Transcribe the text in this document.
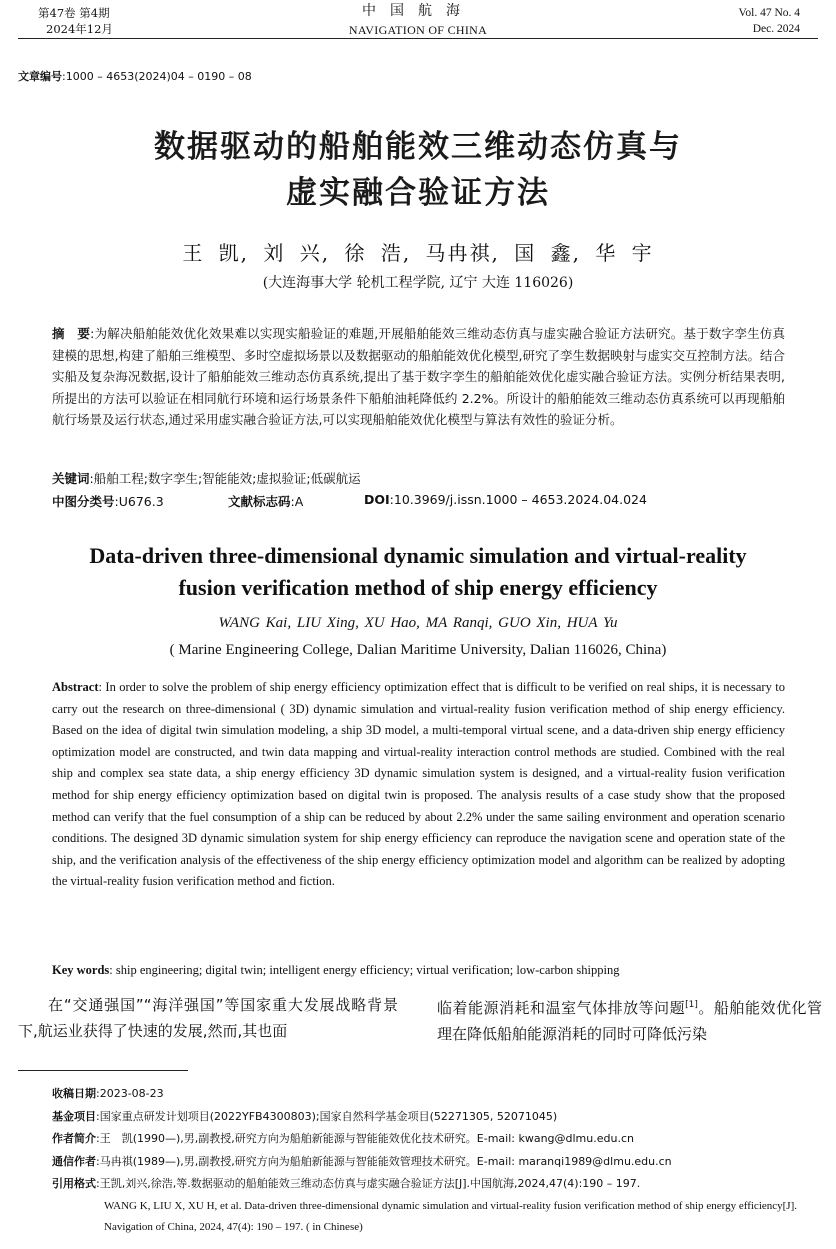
第47卷 第4期
2024年12月
中国航海
NAVIGATION OF CHINA
Vol. 47 No. 4
Dec. 2024
文章编号:1000 – 4653(2024)04 – 0190 – 08
数据驱动的船舶能效三维动态仿真与
虚实融合验证方法
王 凯, 刘 兴, 徐 浩, 马冉祺, 国 鑫, 华 宇
(大连海事大学 轮机工程学院, 辽宁 大连 116026)
摘　要:为解决船舶能效优化效果难以实现实船验证的难题,开展船舶能效三维动态仿真与虚实融合验证方法研究。基于数字孪生仿真建模的思想,构建了船舶三维模型、多时空虚拟场景以及数据驱动的船舶能效优化模型,研究了孪生数据映射与虚实交互控制方法。结合实船及复杂海况数据,设计了船舶能效三维动态仿真系统,提出了基于数字孪生的船舶能效优化虚实融合验证方法。实例分析结果表明,所提出的方法可以验证在相同航行环境和运行场景条件下船舶油耗降低约 2.2%。所设计的船舶能效三维动态仿真系统可以再现船舶航行场景及运行状态,通过采用虚实融合验证方法,可以实现船舶能效优化模型与算法有效性的验证分析。
关键词:船舶工程;数字孪生;智能能效;虚拟验证;低碳航运
中图分类号:U676.3	文献标志码:A	DOI:10.3969/j.issn.1000 – 4653.2024.04.024
Data-driven three-dimensional dynamic simulation and virtual-reality
fusion verification method of ship energy efficiency
WANG Kai, LIU Xing, XU Hao, MA Ranqi, GUO Xin, HUA Yu
( Marine Engineering College, Dalian Maritime University, Dalian 116026, China)
Abstract: In order to solve the problem of ship energy efficiency optimization effect that is difficult to be verified on real ships, it is necessary to carry out the research on three-dimensional ( 3D) dynamic simulation and virtual-reality fusion verification method of ship energy efficiency. Based on the idea of digital twin simulation modeling, a ship 3D model, a multi-temporal virtual scene, and a data-driven ship energy efficiency optimization model are constructed, and twin data mapping and virtual-reality interaction control methods are studied. Combined with the real ship and complex sea state data, a ship energy efficiency 3D dynamic simulation system is designed, and a virtual-reality fusion verification method for ship energy efficiency optimization based on digital twin is proposed. The analysis results of a case study show that the proposed method can verify that the fuel consumption of a ship can be reduced by about 2.2% under the same sailing environment and operation scenario conditions. The designed 3D dynamic simulation system for ship energy efficiency can reproduce the navigation scene and operation state of the ship, and the verification analysis of the effectiveness of the ship energy efficiency optimization model and algorithm can be realized by adopting the virtual-reality fusion verification method and fiction.
Key words: ship engineering; digital twin; intelligent energy efficiency; virtual verification; low-carbon shipping
在“交通强国”“海洋强国”等国家重大发展战略背景下,航运业获得了快速的发展,然而,其也面
临着能源消耗和温室气体排放等问题[1]。船舶能效优化管理在降低船舶能源消耗的同时可降低污染
收稿日期:2023-08-23
基金项目:国家重点研发计划项目(2022YFB4300803);国家自然科学基金项目(52271305, 52071045)
作者简介:王　凯(1990—),男,副教授,研究方向为船舶新能源与智能能效优化技术研究。E-mail: kwang@dlmu.edu.cn
通信作者:马冉祺(1989—),男,副教授,研究方向为船舶新能源与智能能效管理技术研究。E-mail: maranqi1989@dlmu.edu.cn
引用格式:王凯,刘兴,徐浩,等.数据驱动的船舶能效三维动态仿真与虚实融合验证方法[J].中国航海,2024,47(4):190 – 197.
WANG K, LIU X, XU H, et al. Data-driven three-dimensional dynamic simulation and virtual-reality fusion verification method of ship energy efficiency[J]. Navigation of China, 2024, 47(4): 190 – 197. ( in Chinese)
